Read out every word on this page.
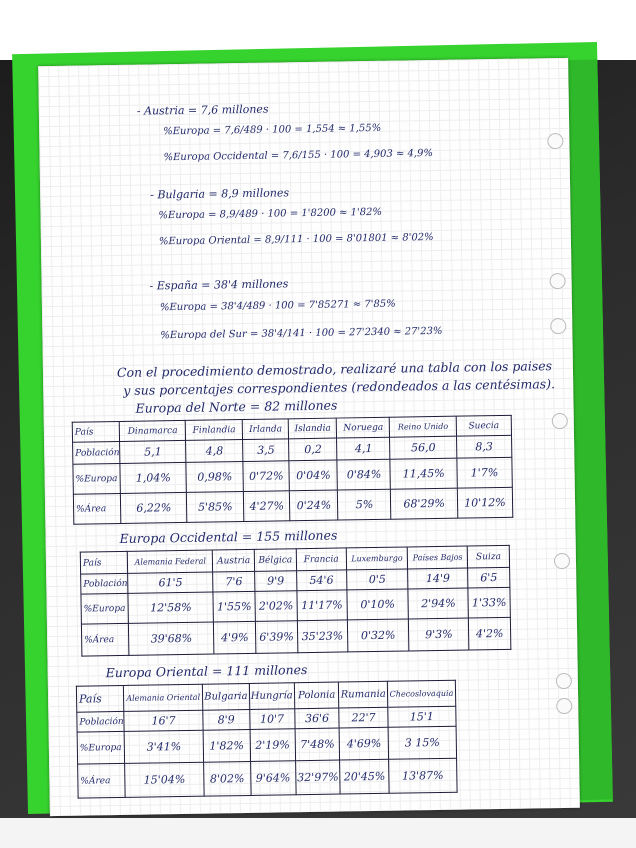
- Austria = 7,6 millones
%Europa = 7,6/489 · 100 = 1,554 ≈ 1,55%
%Europa Occidental = 7,6/155 · 100 = 4,903 ≈ 4,9%
- Bulgaria = 8,9 millones
%Europa = 8,9/489 · 100 = 1'8200 ≈ 1'82%
%Europa Oriental = 8,9/111 · 100 = 8'01801 ≈ 8'02%
- España = 38'4 millones
%Europa = 38'4/489 · 100 = 7'85271 ≈ 7'85%
%Europa del Sur = 38'4/141 · 100 = 27'2340 ≈ 27'23%
Con el procedimiento demostrado, realizaré una tabla con los paises
y sus porcentajes correspondientes (redondeados a las centésimas).
Europa del Norte = 82 millones
País	Dinamarca	Finlandia	Irlanda	Islandia	Noruega	Reino Unido	Suecia
Población	5,1	4,8	3,5	0,2	4,1	56,0	8,3
%Europa	1,04%	0,98%	0'72%	0'04%	0'84%	11,45%	1'7%
%Área	6,22%	5'85%	4'27%	0'24%	5%	68'29%	10'12%
Europa Occidental = 155 millones
País	Alemania Federal	Austria	Bélgica	Francia	Luxemburgo	Países Bajos	Suiza
Población	61'5	7'6	9'9	54'6	0'5	14'9	6'5
%Europa	12'58%	1'55%	2'02%	11'17%	0'10%	2'94%	1'33%
%Área	39'68%	4'9%	6'39%	35'23%	0'32%	9'3%	4'2%
Europa Oriental = 111 millones
País	Alemania Oriental	Bulgaria	Hungría	Polonia	Rumania	Checoslovaquia
Población	16'7	8'9	10'7	36'6	22'7	15'1
%Europa	3'41%	1'82%	2'19%	7'48%	4'69%	3 15%
%Área	15'04%	8'02%	9'64%	32'97%	20'45%	13'87%
